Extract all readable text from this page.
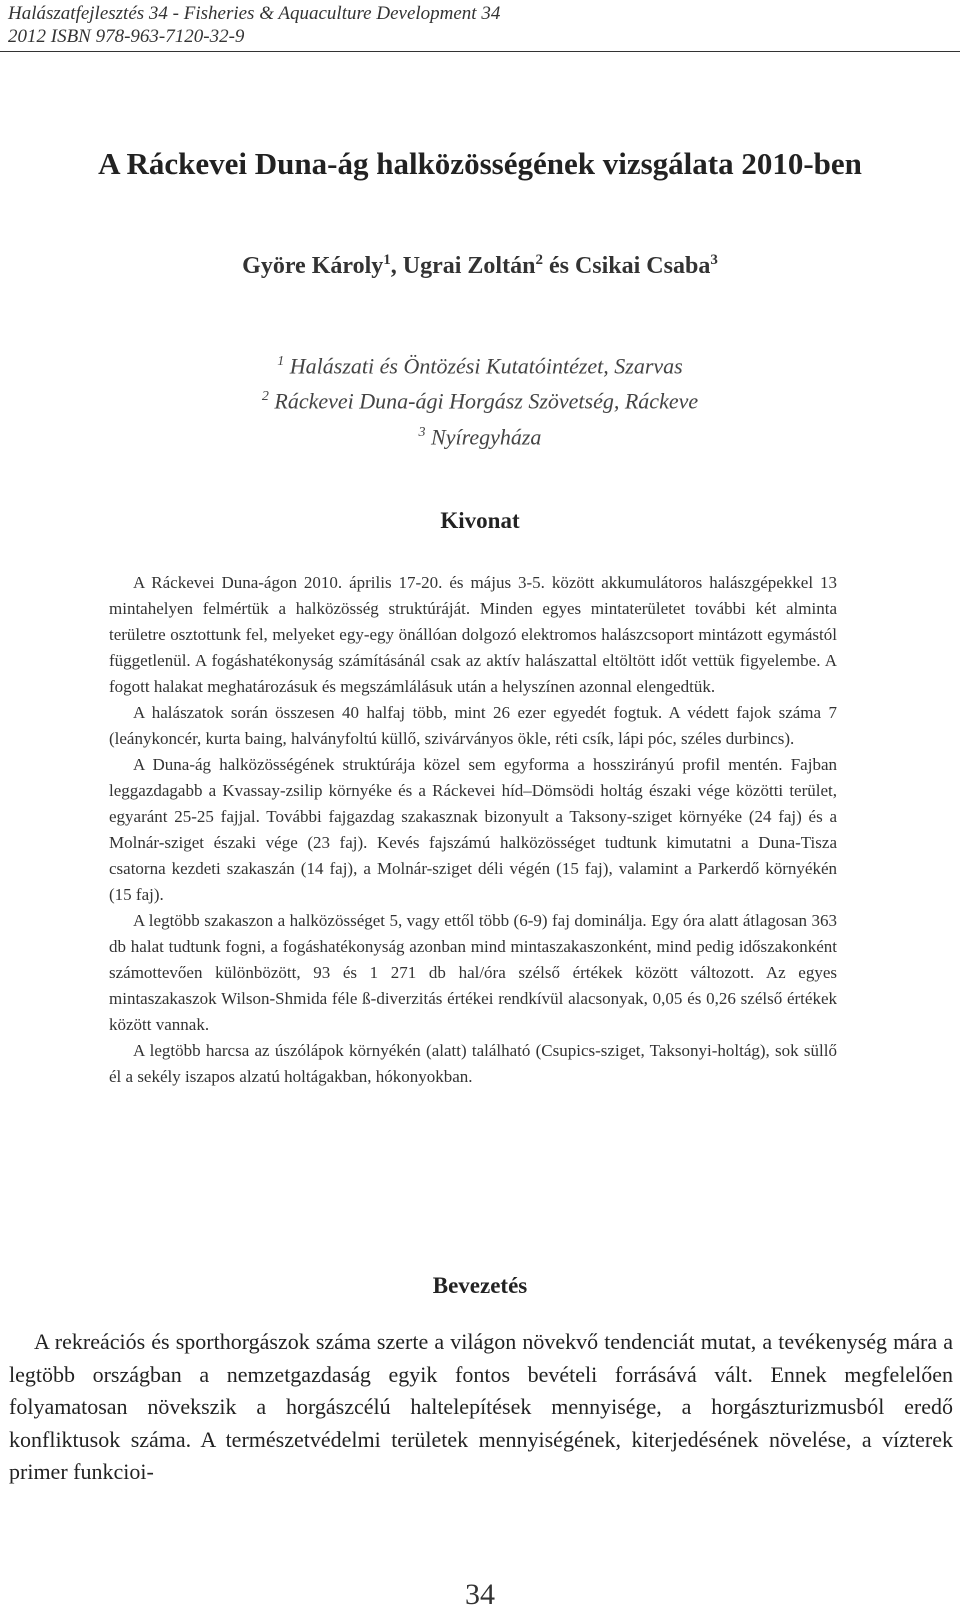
Halászatfejlesztés 34 - Fisheries & Aquaculture Development 34
2012 ISBN 978-963-7120-32-9
A Ráckevei Duna-ág halközösségének vizsgálata 2010-ben
Györe Károly$^1$, Ugrai Zoltán$^2$ és Csikai Csaba$^3$
$^1$ Halászati és Öntözési Kutatóintézet, Szarvas
$^2$ Ráckevei Duna-ági Horgász Szövetség, Ráckeve
$^3$ Nyíregyháza
Kivonat

A Ráckevei Duna-ágon 2010. április 17-20. és május 3-5. között akkumulátoros halászgépekkel 13 mintahelyen felmértük a halközösség struktúráját. Minden egyes mintaterületet további két alminta területre osztottunk fel, melyeket egy-egy önállóan dolgozó elektromos halászcsoport mintázott egymástól függetlenül. A fogáshatékonyság számításánál csak az aktív halászattal eltöltött időt vettük figyelembe. A fogott halakat meghatározásuk és megszámlálásuk után a helyszínen azonnal elengedtük.

A halászatok során összesen 40 halfaj több, mint 26 ezer egyedét fogtuk. A védett fajok száma 7 (leánykoncér, kurta baing, halványfoltú küllő, szivárványos ökle, réti csík, lápi póc, széles durbincs).

A Duna-ág halközösségének struktúrája közel sem egyforma a hosszirányú profil mentén. Fajban leggazdagabb a Kvassay-zsilip környéke és a Ráckevei híd–Dömsödi holtág északi vége közötti terület, egyaránt 25-25 fajjal. További fajgazdag szakasznak bizonyult a Taksony-sziget környéke (24 faj) és a Molnár-sziget északi vége (23 faj). Kevés fajszámú halközösséget tudtunk kimutatni a Duna-Tisza csatorna kezdeti szakaszán (14 faj), a Molnár-sziget déli végén (15 faj), valamint a Parkerdő környékén (15 faj).

A legtöbb szakaszon a halközösséget 5, vagy ettől több (6-9) faj dominálja. Egy óra alatt átlagosan 363 db halat tudtunk fogni, a fogáshatékonyság azonban mind mintaszakaszonként, mind pedig időszakonként számottevően különbözött, 93 és 1 271 db hal/óra szélső értékek között változott. Az egyes mintaszakaszok Wilson-Shmida féle ß-diverzitás értékei rendkívül alacsonyak, 0,05 és 0,26 szélső értékek között vannak.

A legtöbb harcsa az úszólápok környékén (alatt) található (Csupics-sziget, Taksonyi-holtág), sok süllő él a sekély iszapos alzatú holtágakban, hókonyokban.

Bevezetés
A rekreációs és sporthorgászok száma szerte a világon növekvő tendenciát mutat, a tevékenység mára a legtöbb országban a nemzetgazdaság egyik fontos bevételi forrásává vált. Ennek megfelelően folyamatosan növekszik a horgászcélú haltelepítések mennyisége, a horgászturizmusból eredő konfliktusok száma. A természetvédelmi területek mennyiségének, kiterjedésének növelése, a vízterek primer funkcioi-
34
